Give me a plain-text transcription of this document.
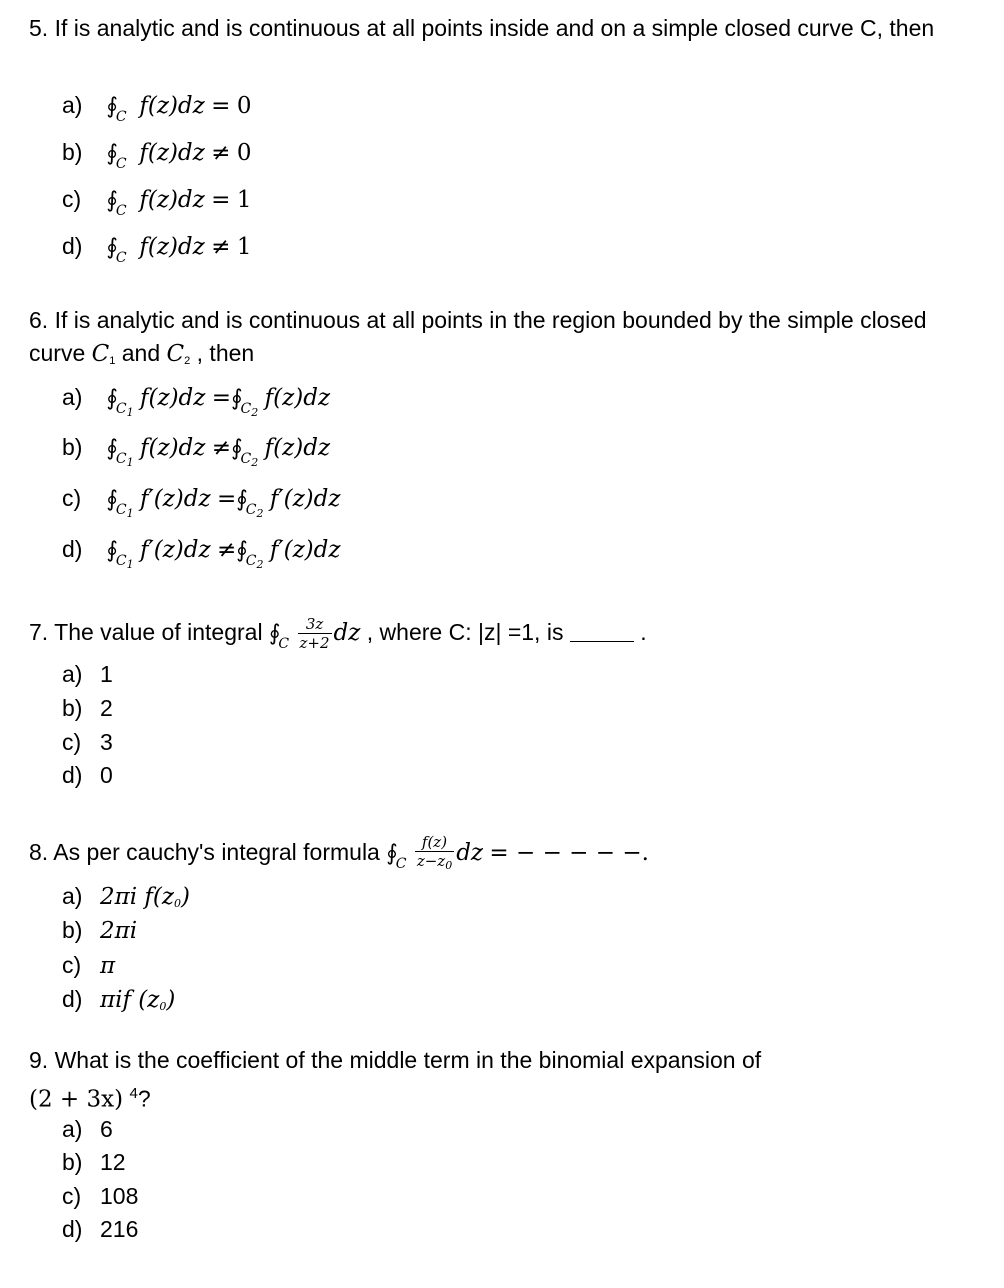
5. If is analytic and is continuous at all points inside and on a simple closed curve C, then
a) $∮_C$ f(z)dz = 0
b) $∮_C$ f(z)dz ≠ 0
c) $∮_C$ f(z)dz = 1
d) $∮_C$ f(z)dz ≠ 1
6. If is analytic and is continuous at all points in the region bounded by the simple closed curve C1 and C2 , then
a) $∮_{C_1}$ $f(z)dz =∮_{C_2}$ f(z)dz
b) $∮_{C_1}$ $f(z)dz \ne∮_{C_2}$ f(z)dz
c) $∮_{C_1}$ $f'(z)dz =∮_{C_2}$ f′(z)dz
d) $∮_{C_1}$ $f'(z)dz \ne∮_{C_2}$ f′(z)dz
7. The value of integral $∮_C \frac{3z}{z+2}$ dz , where C: |z| =1, is	.
a) 1
b) 2
c) 3
d) 0
8. As per cauchy's integral formula $∮_C \frac{f(z)}{z-z_0}$ dz = − − − − −.
a) 2πi f(z0)
b) 2πi
c) π
d) πif (z0)
9. What is the coefficient of the middle term in the binomial expansion of
(2 + 3x) $^4$?
a) 6
b) 12
c) 108
d) 216
